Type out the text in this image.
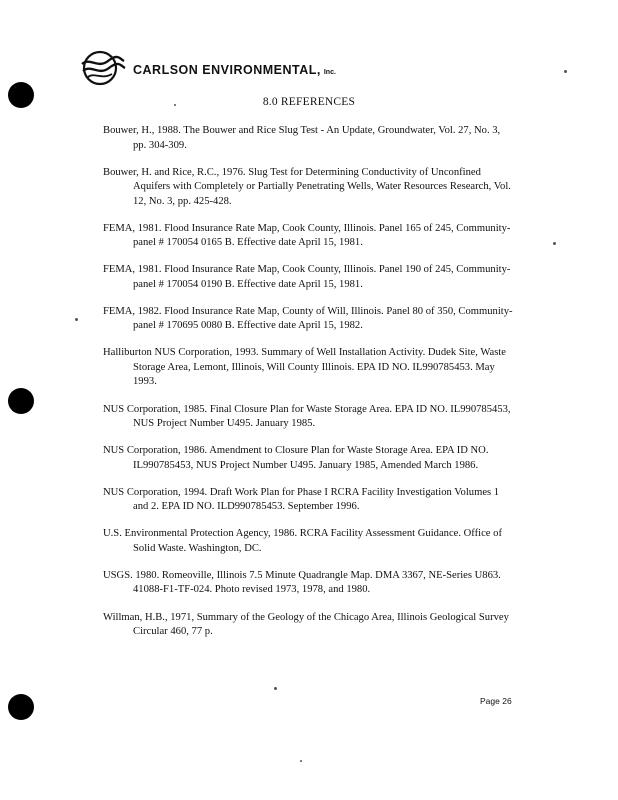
CARLSON ENVIRONMENTAL, Inc.
8.0 REFERENCES
Bouwer, H., 1988. The Bouwer and Rice Slug Test - An Update, Groundwater, Vol. 27, No. 3, pp. 304-309.
Bouwer, H. and Rice, R.C., 1976. Slug Test for Determining Conductivity of Unconfined Aquifers with Completely or Partially Penetrating Wells, Water Resources Research, Vol. 12, No. 3, pp. 425-428.
FEMA, 1981. Flood Insurance Rate Map, Cook County, Illinois. Panel 165 of 245, Community-panel # 170054 0165 B. Effective date April 15, 1981.
FEMA, 1981. Flood Insurance Rate Map, Cook County, Illinois. Panel 190 of 245, Community-panel # 170054 0190 B. Effective date April 15, 1981.
FEMA, 1982. Flood Insurance Rate Map, County of Will, Illinois. Panel 80 of 350, Community-panel # 170695 0080 B. Effective date April 15, 1982.
Halliburton NUS Corporation, 1993. Summary of Well Installation Activity. Dudek Site, Waste Storage Area, Lemont, Illinois, Will County Illinois. EPA ID NO. IL990785453. May 1993.
NUS Corporation, 1985. Final Closure Plan for Waste Storage Area. EPA ID NO. IL990785453, NUS Project Number U495. January 1985.
NUS Corporation, 1986. Amendment to Closure Plan for Waste Storage Area. EPA ID NO. IL990785453, NUS Project Number U495. January 1985, Amended March 1986.
NUS Corporation, 1994. Draft Work Plan for Phase I RCRA Facility Investigation Volumes 1 and 2. EPA ID NO. ILD990785453. September 1996.
U.S. Environmental Protection Agency, 1986. RCRA Facility Assessment Guidance. Office of Solid Waste. Washington, DC.
USGS. 1980. Romeoville, Illinois 7.5 Minute Quadrangle Map. DMA 3367, NE-Series U863. 41088-F1-TF-024. Photo revised 1973, 1978, and 1980.
Willman, H.B., 1971, Summary of the Geology of the Chicago Area, Illinois Geological Survey Circular 460, 77 p.
Page 26
